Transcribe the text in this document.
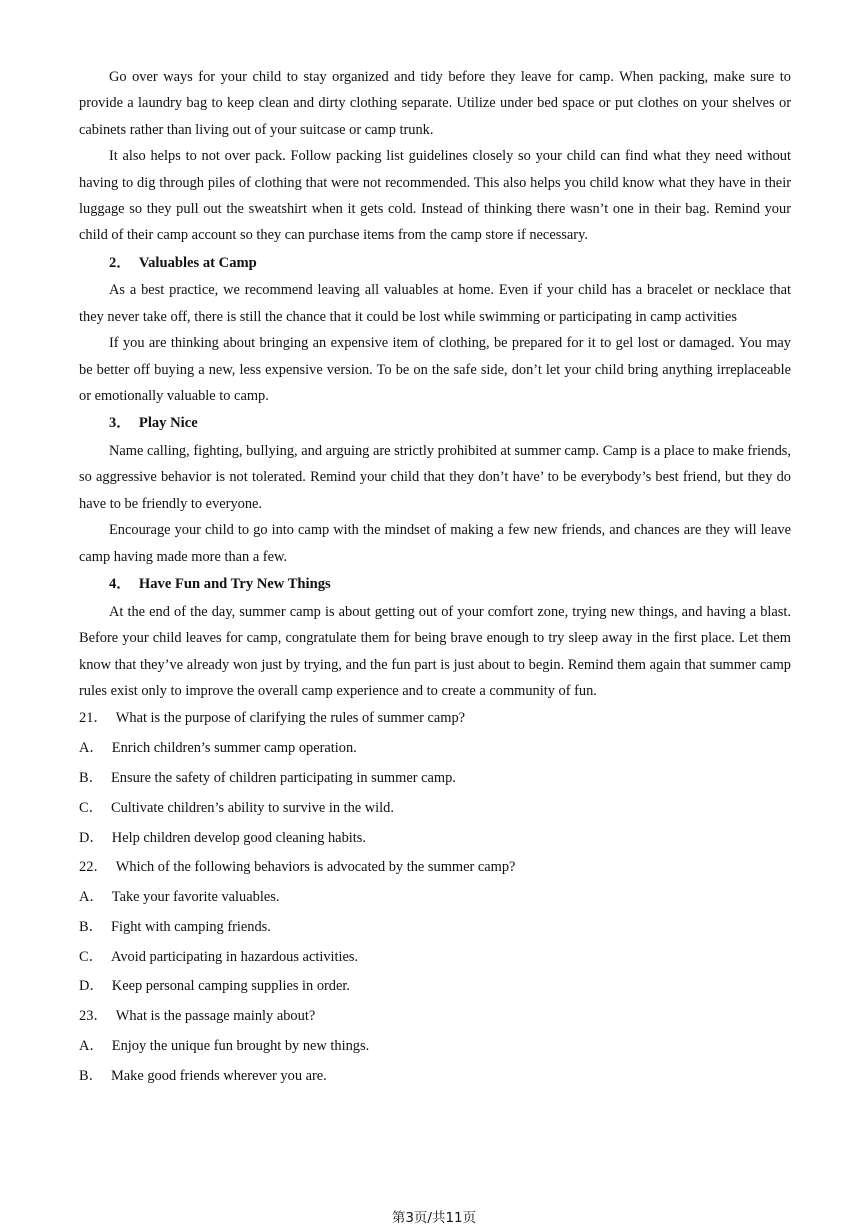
Go over ways for your child to stay organized and tidy before they leave for camp. When packing, make sure to provide a laundry bag to keep clean and dirty clothing separate. Utilize under bed space or put clothes on your shelves or cabinets rather than living out of your suitcase or camp trunk.

It also helps to not over pack. Follow packing list guidelines closely so your child can find what they need without having to dig through piles of clothing that were not recommended. This also helps you child know what they have in their luggage so they pull out the sweatshirt when it gets cold. Instead of thinking there wasn’t one in their bag. Remind your child of their camp account so they can purchase items from the camp store if necessary.

2． Valuables at Camp

As a best practice, we recommend leaving all valuables at home. Even if your child has a bracelet or necklace that they never take off, there is still the chance that it could be lost while swimming or participating in camp activities

If you are thinking about bringing an expensive item of clothing, be prepared for it to gel lost or damaged. You may be better off buying a new, less expensive version. To be on the safe side, don’t let your child bring anything irreplaceable or emotionally valuable to camp.

3． Play Nice

Name calling, fighting, bullying, and arguing are strictly prohibited at summer camp. Camp is a place to make friends, so aggressive behavior is not tolerated. Remind your child that they don’t have’ to be everybody’s best friend, but they do have to be friendly to everyone.

Encourage your child to go into camp with the mindset of making a few new friends, and chances are they will leave camp having made more than a few.

4． Have Fun and Try New Things

At the end of the day, summer camp is about getting out of your comfort zone, trying new things, and having a blast. Before your child leaves for camp, congratulate them for being brave enough to try sleep away in the first place. Let them know that they’ve already won just by trying, and the fun part is just about to begin. Remind them again that summer camp rules exist only to improve the overall camp experience and to create a community of fun.

21． What is the purpose of clarifying the rules of summer camp?

A． Enrich children’s summer camp operation.

B． Ensure the safety of children participating in summer camp.

C． Cultivate children’s ability to survive in the wild.

D． Help children develop good cleaning habits.

22． Which of the following behaviors is advocated by the summer camp?

A． Take your favorite valuables.

B． Fight with camping friends.

C． Avoid participating in hazardous activities.

D． Keep personal camping supplies in order.

23． What is the passage mainly about?

A． Enjoy the unique fun brought by new things.

B． Make good friends wherever you are.

第3页/共11页
